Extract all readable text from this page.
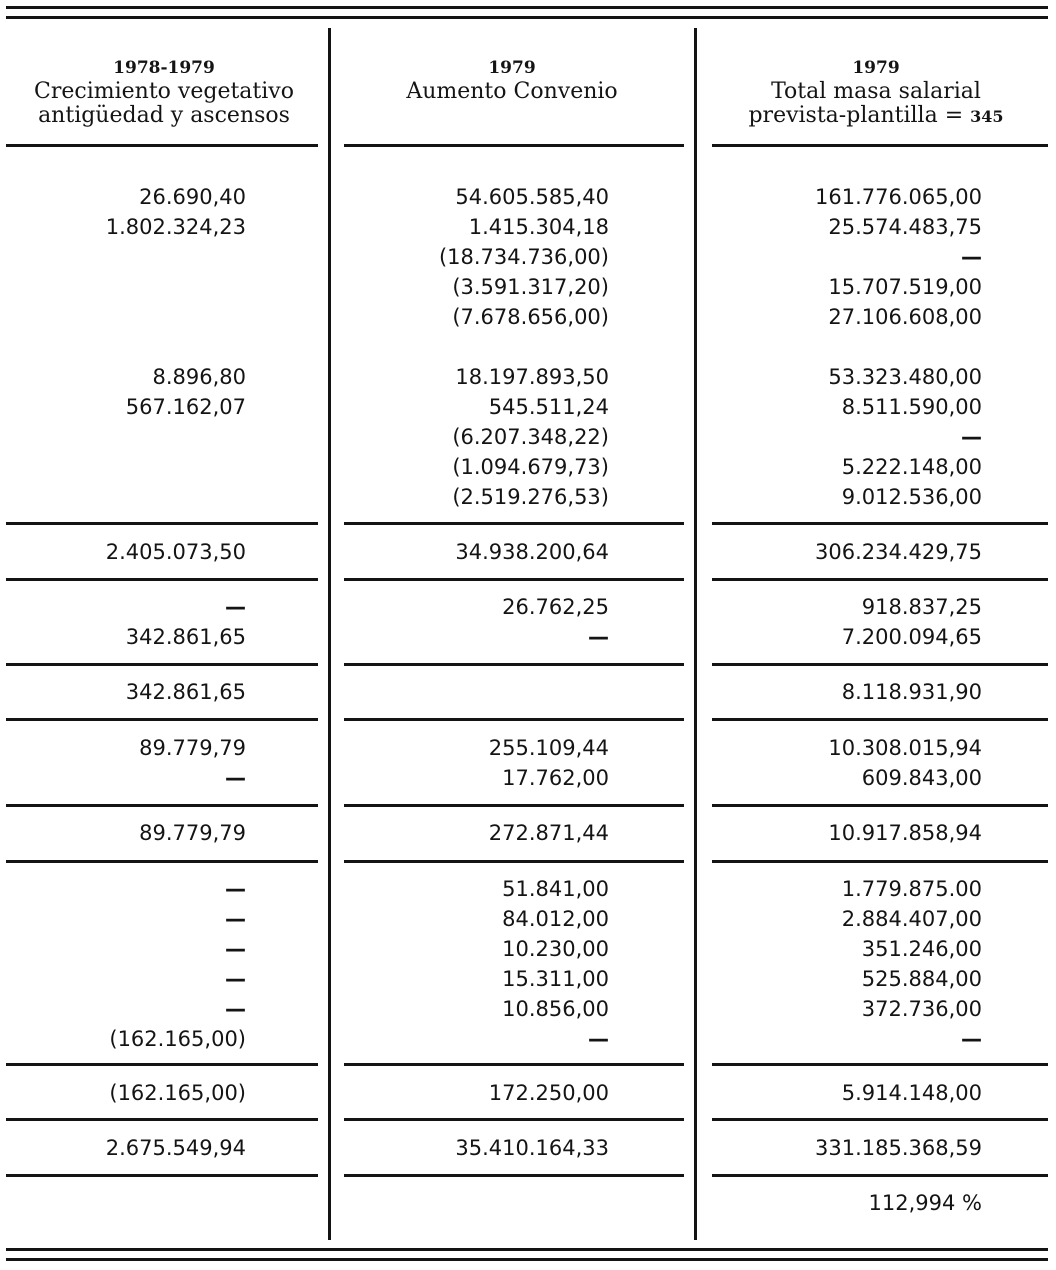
1978-1979
Crecimiento vegetativo
antigüedad y ascensos
1979
Aumento Convenio
1979
Total masa salarial
prevista-plantilla = 345
26.690,40
1.802.324,23
8.896,80
567.162,07
2.405.073,50
—
342.861,65
342.861,65
89.779,79
—
89.779,79
—
—
—
—
—
(162.165,00)
(162.165,00)
2.675.549,94
54.605.585,40
1.415.304,18
(18.734.736,00)
(3.591.317,20)
(7.678.656,00)
18.197.893,50
545.511,24
(6.207.348,22)
(1.094.679,73)
(2.519.276,53)
34.938.200,64
26.762,25
—
255.109,44
17.762,00
272.871,44
51.841,00
84.012,00
10.230,00
15.311,00
10.856,00
—
172.250,00
35.410.164,33
161.776.065,00
25.574.483,75
—
15.707.519,00
27.106.608,00
53.323.480,00
8.511.590,00
—
5.222.148,00
9.012.536,00
306.234.429,75
918.837,25
7.200.094,65
8.118.931,90
10.308.015,94
609.843,00
10.917.858,94
1.779.875.00
2.884.407,00
351.246,00
525.884,00
372.736,00
—
5.914.148,00
331.185.368,59
112,994 %
